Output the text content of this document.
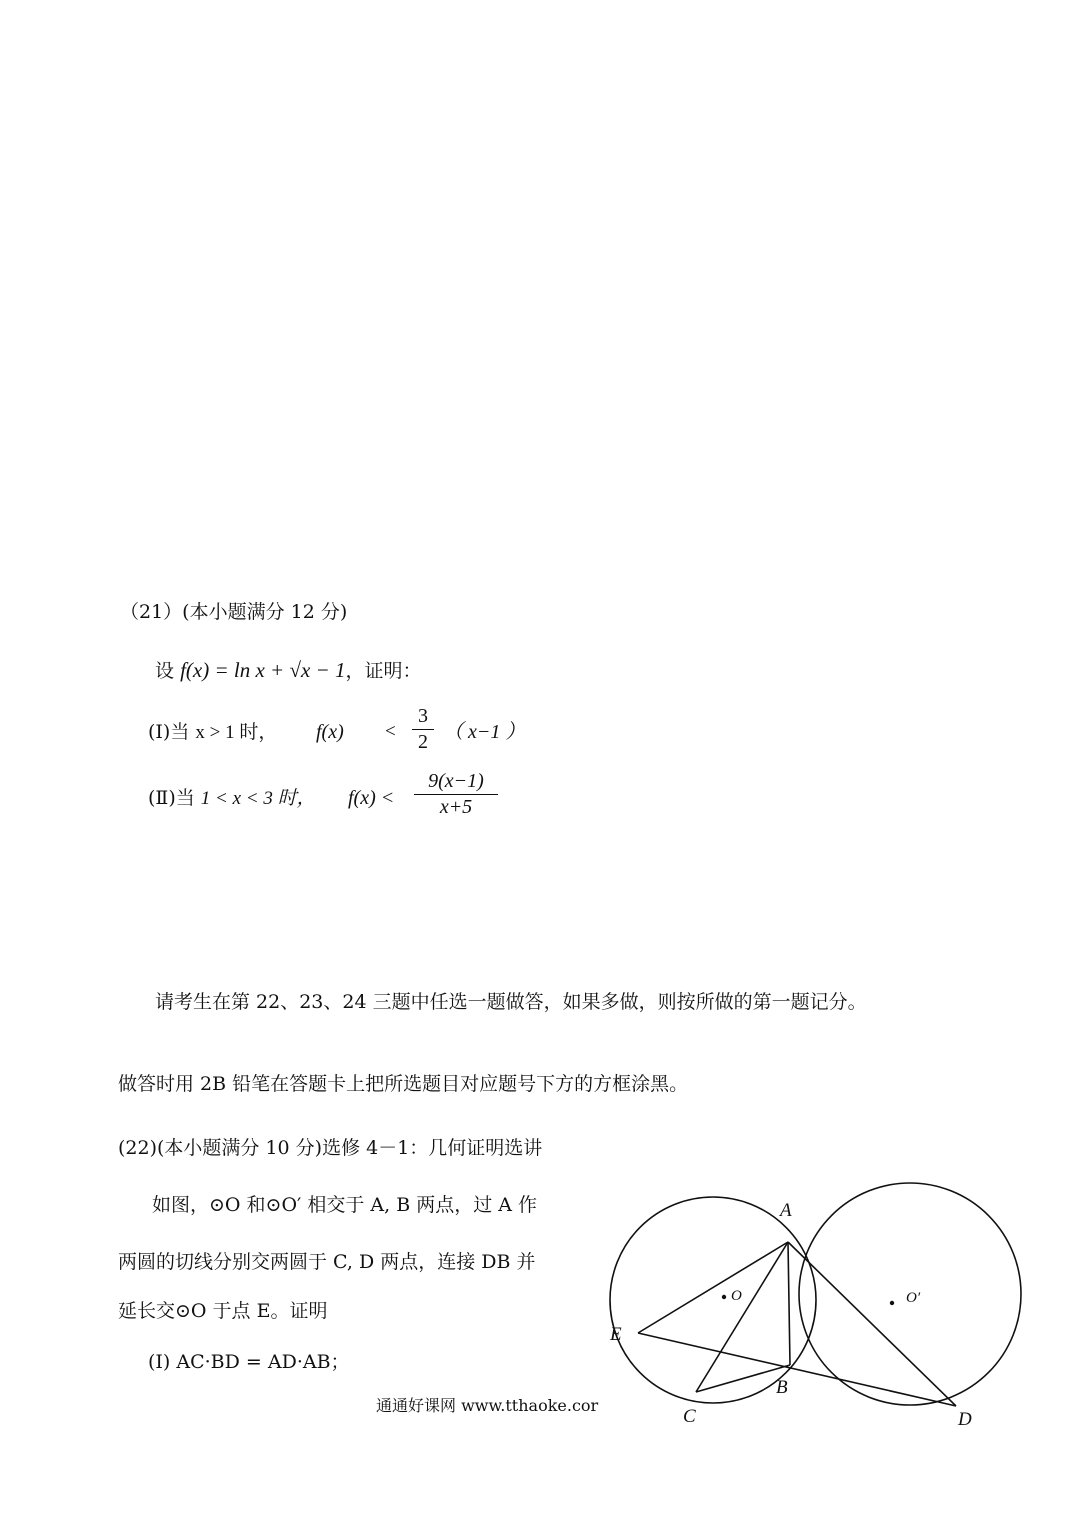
（21）(本小题满分 12 分)
设 f(x) = ln x + √x − 1，证明：
(Ⅰ)当 x > 1 时， f(x) <
3
2 （ x−1 ）
(Ⅱ)当 1 < x < 3 时， f(x) <
9(x−1)
x+5
请考生在第 22、23、24 三题中任选一题做答，如果多做，则按所做的第一题记分。
做答时用 2B 铅笔在答题卡上把所选题目对应题号下方的方框涂黑。
(22)(本小题满分 10 分)选修 4－1：几何证明选讲
如图，⊙O 和⊙O′ 相交于 A, B 两点，过 A 作
两圆的切线分别交两圆于 C, D 两点，连接 DB 并
延长交⊙O 于点 E。证明
(Ⅰ) AC·BD = AD·AB；
通通好课网 www.tthaoke.cor
A
B
C	D
E
O	O′
